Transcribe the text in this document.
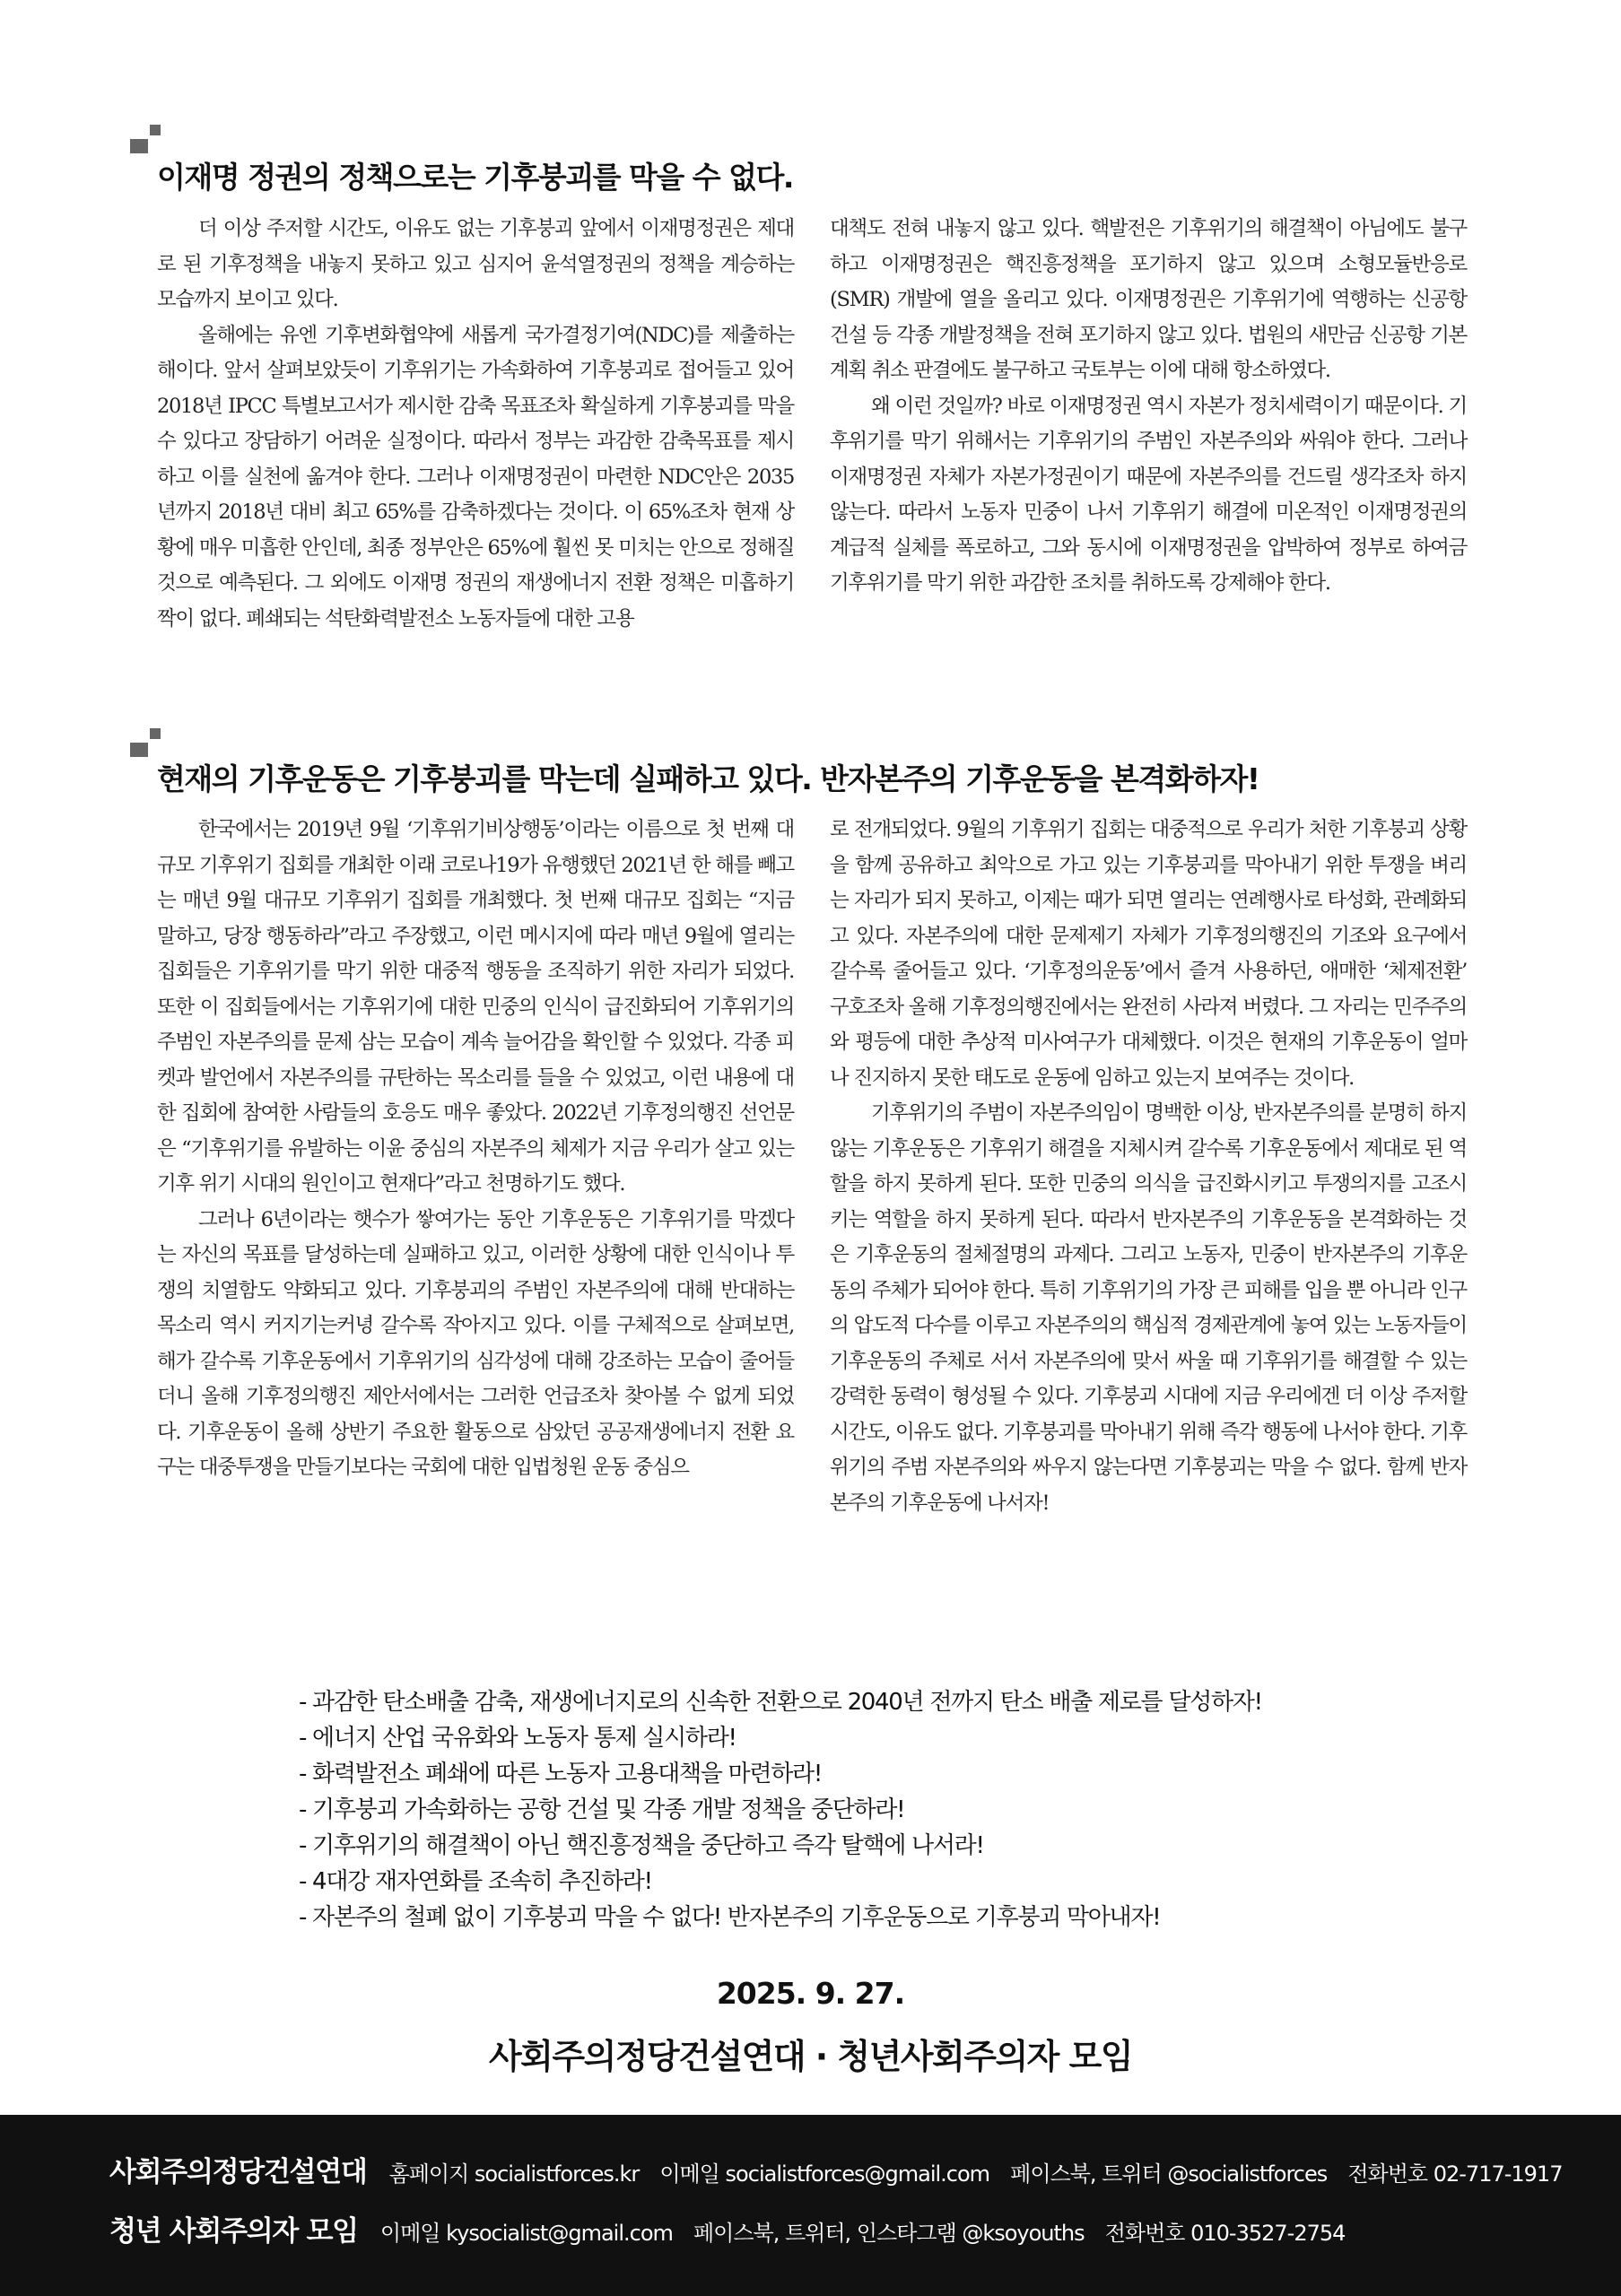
이재명 정권의 정책으로는 기후붕괴를 막을 수 없다.

더 이상 주저할 시간도, 이유도 없는 기후붕괴 앞에서 이재명정권은 제대로 된 기후정책을 내놓지 못하고 있고 심지어 윤석열정권의 정책을 계승하는 모습까지 보이고 있다.

올해에는 유엔 기후변화협약에 새롭게 국가결정기여(NDC)를 제출하는 해이다. 앞서 살펴보았듯이 기후위기는 가속화하여 기후붕괴로 접어들고 있어 2018년 IPCC 특별보고서가 제시한 감축 목표조차 확실하게 기후붕괴를 막을 수 있다고 장담하기 어려운 실정이다. 따라서 정부는 과감한 감축목표를 제시하고 이를 실천에 옮겨야 한다. 그러나 이재명정권이 마련한 NDC안은 2035년까지 2018년 대비 최고 65%를 감축하겠다는 것이다. 이 65%조차 현재 상황에 매우 미흡한 안인데, 최종 정부안은 65%에 훨씬 못 미치는 안으로 정해질 것으로 예측된다. 그 외에도 이재명 정권의 재생에너지 전환 정책은 미흡하기 짝이 없다. 폐쇄되는 석탄화력발전소 노동자들에 대한 고용

대책도 전혀 내놓지 않고 있다. 핵발전은 기후위기의 해결책이 아님에도 불구하고 이재명정권은 핵진흥정책을 포기하지 않고 있으며 소형모듈반응로(SMR) 개발에 열을 올리고 있다. 이재명정권은 기후위기에 역행하는 신공항 건설 등 각종 개발정책을 전혀 포기하지 않고 있다. 법원의 새만금 신공항 기본계획 취소 판결에도 불구하고 국토부는 이에 대해 항소하였다.

왜 이런 것일까? 바로 이재명정권 역시 자본가 정치세력이기 때문이다. 기후위기를 막기 위해서는 기후위기의 주범인 자본주의와 싸워야 한다. 그러나 이재명정권 자체가 자본가정권이기 때문에 자본주의를 건드릴 생각조차 하지 않는다. 따라서 노동자 민중이 나서 기후위기 해결에 미온적인 이재명정권의 계급적 실체를 폭로하고, 그와 동시에 이재명정권을 압박하여 정부로 하여금 기후위기를 막기 위한 과감한 조치를 취하도록 강제해야 한다.

현재의 기후운동은 기후붕괴를 막는데 실패하고 있다. 반자본주의 기후운동을 본격화하자!

한국에서는 2019년 9월 ‘기후위기비상행동’이라는 이름으로 첫 번째 대규모 기후위기 집회를 개최한 이래 코로나19가 유행했던 2021년 한 해를 빼고는 매년 9월 대규모 기후위기 집회를 개최했다. 첫 번째 대규모 집회는 “지금 말하고, 당장 행동하라”라고 주장했고, 이런 메시지에 따라 매년 9월에 열리는 집회들은 기후위기를 막기 위한 대중적 행동을 조직하기 위한 자리가 되었다. 또한 이 집회들에서는 기후위기에 대한 민중의 인식이 급진화되어 기후위기의 주범인 자본주의를 문제 삼는 모습이 계속 늘어감을 확인할 수 있었다. 각종 피켓과 발언에서 자본주의를 규탄하는 목소리를 들을 수 있었고, 이런 내용에 대한 집회에 참여한 사람들의 호응도 매우 좋았다. 2022년 기후정의행진 선언문은 “기후위기를 유발하는 이윤 중심의 자본주의 체제가 지금 우리가 살고 있는 기후 위기 시대의 원인이고 현재다”라고 천명하기도 했다.

그러나 6년이라는 햇수가 쌓여가는 동안 기후운동은 기후위기를 막겠다는 자신의 목표를 달성하는데 실패하고 있고, 이러한 상황에 대한 인식이나 투쟁의 치열함도 약화되고 있다. 기후붕괴의 주범인 자본주의에 대해 반대하는 목소리 역시 커지기는커녕 갈수록 작아지고 있다. 이를 구체적으로 살펴보면, 해가 갈수록 기후운동에서 기후위기의 심각성에 대해 강조하는 모습이 줄어들더니 올해 기후정의행진 제안서에서는 그러한 언급조차 찾아볼 수 없게 되었다. 기후운동이 올해 상반기 주요한 활동으로 삼았던 공공재생에너지 전환 요구는 대중투쟁을 만들기보다는 국회에 대한 입법청원 운동 중심으

로 전개되었다. 9월의 기후위기 집회는 대중적으로 우리가 처한 기후붕괴 상황을 함께 공유하고 최악으로 가고 있는 기후붕괴를 막아내기 위한 투쟁을 벼리는 자리가 되지 못하고, 이제는 때가 되면 열리는 연례행사로 타성화, 관례화되고 있다. 자본주의에 대한 문제제기 자체가 기후정의행진의 기조와 요구에서 갈수록 줄어들고 있다. ‘기후정의운동’에서 즐겨 사용하던, 애매한 ‘체제전환’ 구호조차 올해 기후정의행진에서는 완전히 사라져 버렸다. 그 자리는 민주주의와 평등에 대한 추상적 미사여구가 대체했다. 이것은 현재의 기후운동이 얼마나 진지하지 못한 태도로 운동에 임하고 있는지 보여주는 것이다.

기후위기의 주범이 자본주의임이 명백한 이상, 반자본주의를 분명히 하지 않는 기후운동은 기후위기 해결을 지체시켜 갈수록 기후운동에서 제대로 된 역할을 하지 못하게 된다. 또한 민중의 의식을 급진화시키고 투쟁의지를 고조시키는 역할을 하지 못하게 된다. 따라서 반자본주의 기후운동을 본격화하는 것은 기후운동의 절체절명의 과제다. 그리고 노동자, 민중이 반자본주의 기후운동의 주체가 되어야 한다. 특히 기후위기의 가장 큰 피해를 입을 뿐 아니라 인구의 압도적 다수를 이루고 자본주의의 핵심적 경제관계에 놓여 있는 노동자들이 기후운동의 주체로 서서 자본주의에 맞서 싸울 때 기후위기를 해결할 수 있는 강력한 동력이 형성될 수 있다. 기후붕괴 시대에 지금 우리에겐 더 이상 주저할 시간도, 이유도 없다. 기후붕괴를 막아내기 위해 즉각 행동에 나서야 한다. 기후위기의 주범 자본주의와 싸우지 않는다면 기후붕괴는 막을 수 없다. 함께 반자본주의 기후운동에 나서자!

- 과감한 탄소배출 감축, 재생에너지로의 신속한 전환으로 2040년 전까지 탄소 배출 제로를 달성하자!
- 에너지 산업 국유화와 노동자 통제 실시하라!
- 화력발전소 폐쇄에 따른 노동자 고용대책을 마련하라!
- 기후붕괴 가속화하는 공항 건설 및 각종 개발 정책을 중단하라!
- 기후위기의 해결책이 아닌 핵진흥정책을 중단하고 즉각 탈핵에 나서라!
- 4대강 재자연화를 조속히 추진하라!
- 자본주의 철폐 없이 기후붕괴 막을 수 없다! 반자본주의 기후운동으로 기후붕괴 막아내자!
2025. 9. 27.
사회주의정당건설연대 · 청년사회주의자 모임
사회주의정당건설연대 홈페이지 socialistforces.kr 이메일 socialistforces@gmail.com 페이스북, 트위터 @socialistforces 전화번호 02-717-1917
청년 사회주의자 모임 이메일 kysocialist@gmail.com 페이스북, 트위터, 인스타그램 @ksoyouths 전화번호 010-3527-2754
